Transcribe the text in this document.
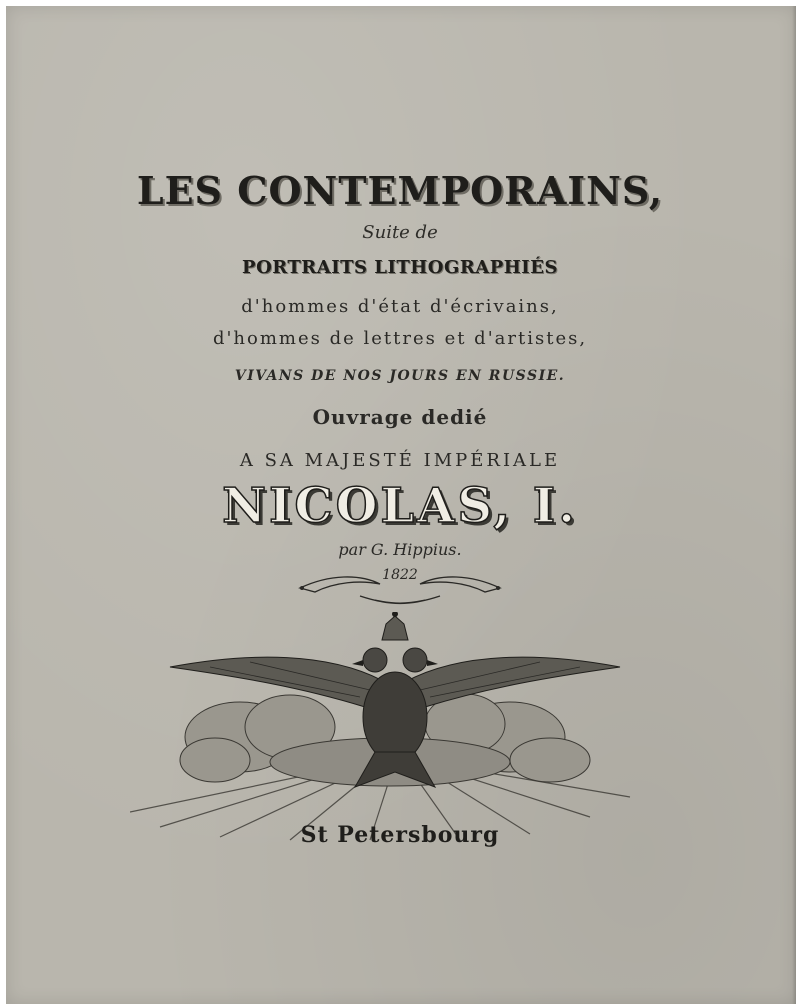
LES CONTEMPORAINS,
Suite de
PORTRAITS LITHOGRAPHIÉS
d'hommes d'état d'écrivains,
d'hommes de lettres et d'artistes,
VIVANS DE NOS JOURS EN RUSSIE.
Ouvrage dedié
A SA MAJESTÉ IMPÉRIALE
NICOLAS, I.
par G. Hippius.
1822
St Petersbourg
